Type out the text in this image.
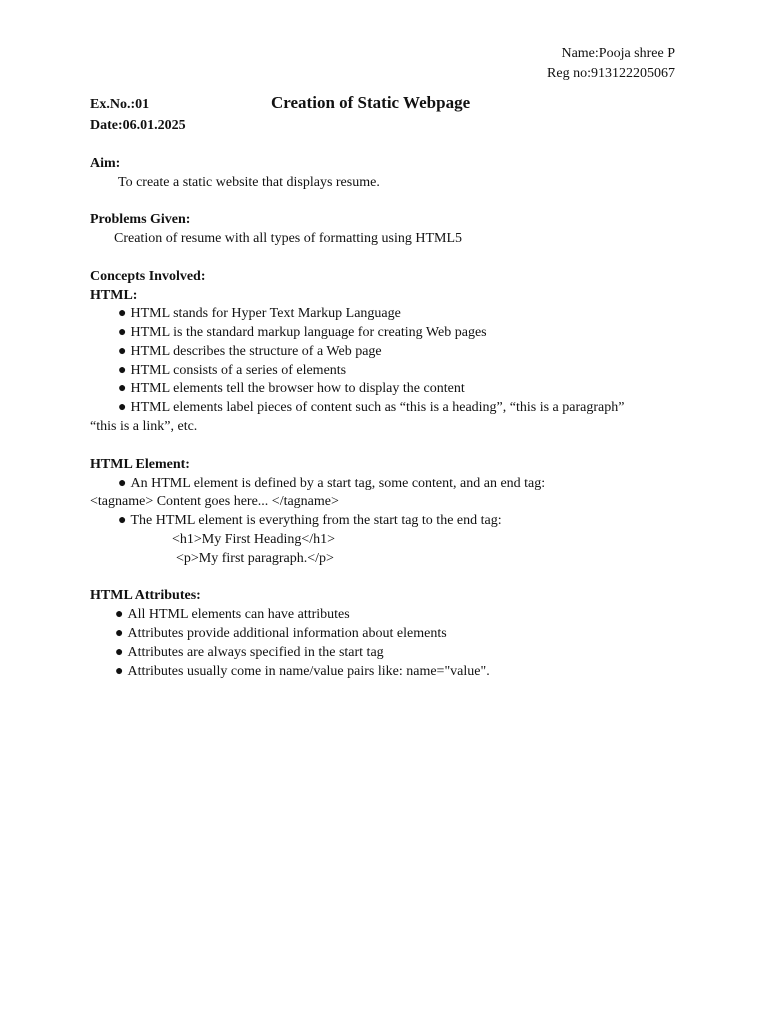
Name:Pooja shree P
Reg no:913122205067
Ex.No.:01	Creation of Static Webpage
Date:06.01.2025
Aim:
To create a static website that displays resume.
Problems Given:
Creation of resume with all types of formatting using HTML5
Concepts Involved:
HTML:
● HTML stands for Hyper Text Markup Language
● HTML is the standard markup language for creating Web pages
● HTML describes the structure of a Web page
● HTML consists of a series of elements
● HTML elements tell the browser how to display the content
● HTML elements label pieces of content such as “this is a heading”, “this is a paragraph”
“this is a link”, etc.
HTML Element:
● An HTML element is defined by a start tag, some content, and an end tag:
<tagname> Content goes here... </tagname>
● The HTML element is everything from the start tag to the end tag:
<h1>My First Heading</h1>
<p>My first paragraph.</p>
HTML Attributes:
● All HTML elements can have attributes
● Attributes provide additional information about elements
● Attributes are always specified in the start tag
● Attributes usually come in name/value pairs like: name="value".
